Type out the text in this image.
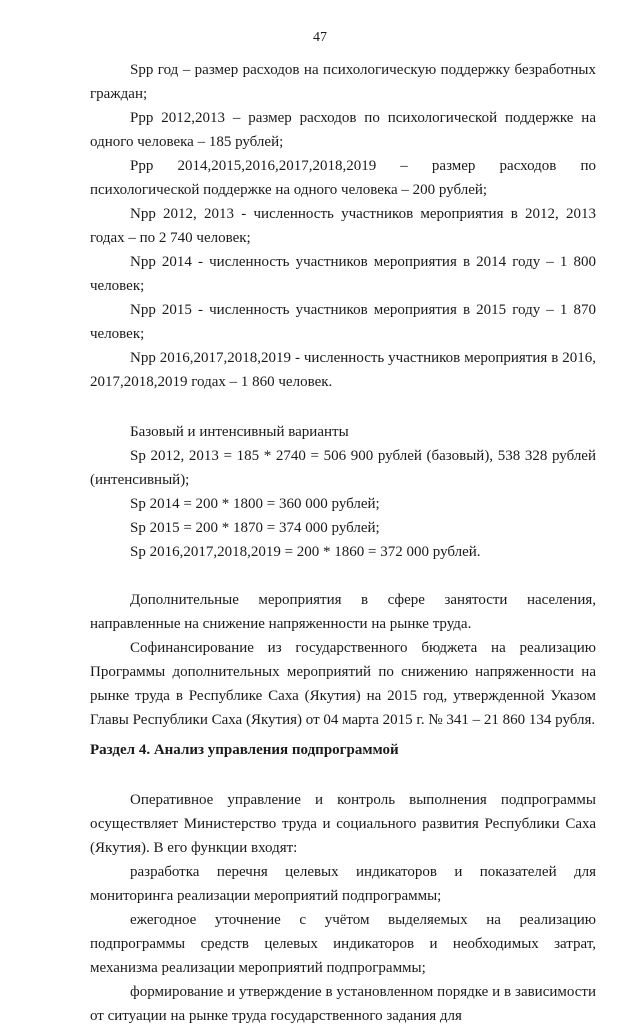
47

Spp год – размер расходов на психологическую поддержку безработных граждан;

Ppp 2012,2013 – размер расходов по психологической поддержке на одного человека – 185 рублей;

Ppp 2014,2015,2016,2017,2018,2019 – размер расходов по психологической поддержке на одного человека – 200 рублей;

Npp 2012, 2013 - численность участников мероприятия в 2012, 2013 годах – по 2 740 человек;

Npp 2014 - численность участников мероприятия в 2014 году – 1 800 человек;

Npp 2015 - численность участников мероприятия в 2015 году – 1 870 человек;

Npp 2016,2017,2018,2019 - численность участников мероприятия в 2016, 2017,2018,2019 годах – 1 860 человек.

Базовый и интенсивный варианты

Sp 2012, 2013 = 185 * 2740 = 506 900 рублей (базовый), 538 328 рублей (интенсивный);

Sp 2014 = 200 * 1800 = 360 000 рублей;

Sp 2015 = 200 * 1870 = 374 000 рублей;

Sp 2016,2017,2018,2019 = 200 * 1860 = 372 000 рублей.

Дополнительные мероприятия в сфере занятости населения, направленные на снижение напряженности на рынке труда.

Софинансирование из государственного бюджета на реализацию Программы дополнительных мероприятий по снижению напряженности на рынке труда в Республике Саха (Якутия) на 2015 год, утвержденной Указом Главы Республики Саха (Якутия) от 04 марта 2015 г. № 341 – 21 860 134 рубля.

Раздел 4. Анализ управления подпрограммой

Оперативное управление и контроль выполнения подпрограммы осуществляет Министерство труда и социального развития Республики Саха (Якутия). В его функции входят:

разработка перечня целевых индикаторов и показателей для мониторинга реализации мероприятий подпрограммы;

ежегодное уточнение с учётом выделяемых на реализацию подпрограммы средств целевых индикаторов и необходимых затрат, механизма реализации мероприятий подпрограммы;

формирование и утверждение в установленном порядке и в зависимости от ситуации на рынке труда государственного задания для
